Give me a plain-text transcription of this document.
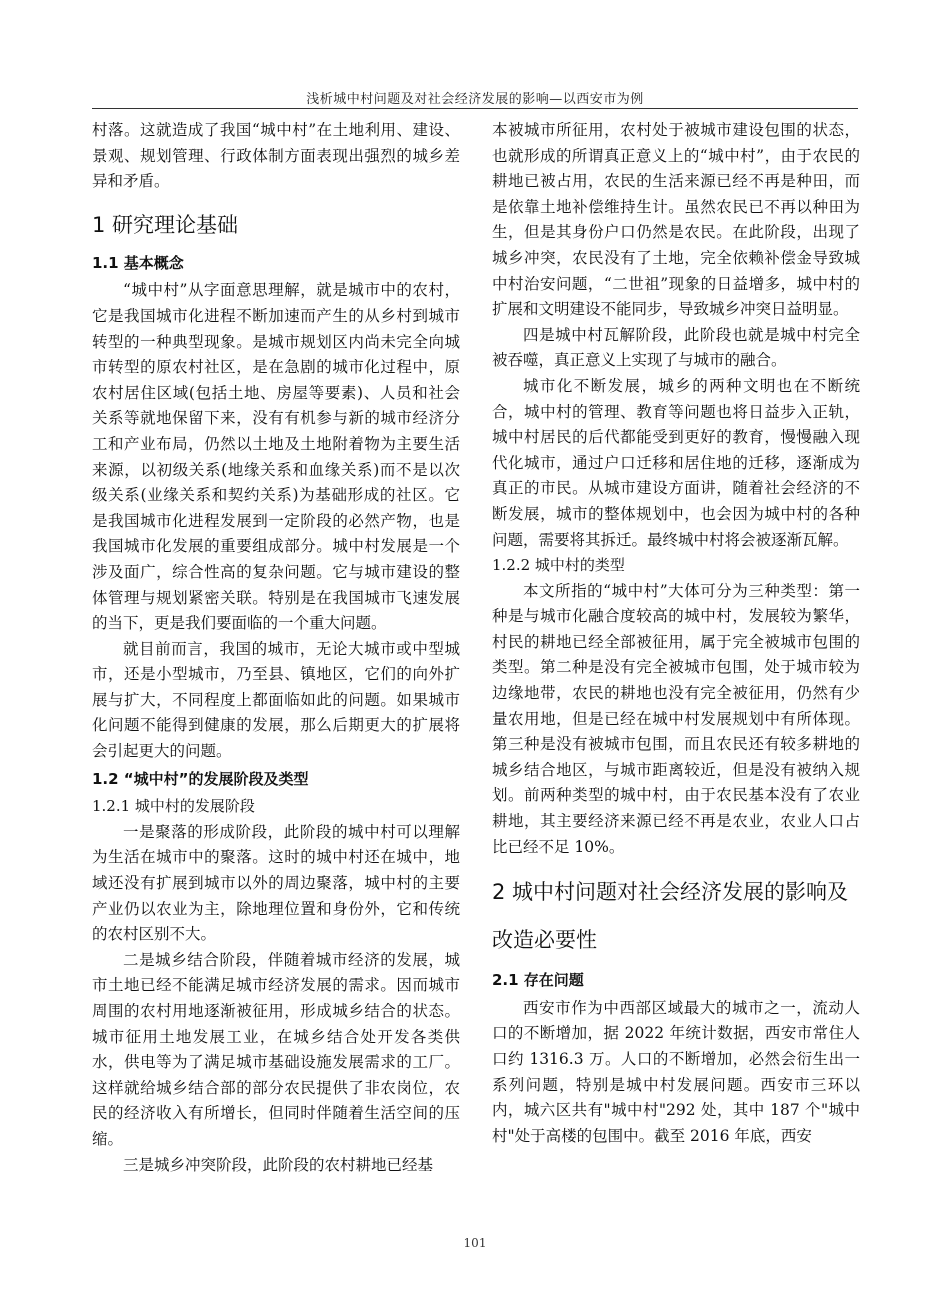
浅析城中村问题及对社会经济发展的影响—以西安市为例

村落。这就造成了我国“城中村”在土地利用、建设、景观、规划管理、行政体制方面表现出强烈的城乡差异和矛盾。

1 研究理论基础
1.1 基本概念

“城中村”从字面意思理解，就是城市中的农村，它是我国城市化进程不断加速而产生的从乡村到城市转型的一种典型现象。是城市规划区内尚未完全向城市转型的原农村社区，是在急剧的城市化过程中，原农村居住区域(包括土地、房屋等要素)、人员和社会关系等就地保留下来，没有有机参与新的城市经济分工和产业布局，仍然以土地及土地附着物为主要生活来源，以初级关系(地缘关系和血缘关系)而不是以次级关系(业缘关系和契约关系)为基础形成的社区。它是我国城市化进程发展到一定阶段的必然产物，也是我国城市化发展的重要组成部分。城中村发展是一个涉及面广，综合性高的复杂问题。它与城市建设的整体管理与规划紧密关联。特别是在我国城市飞速发展的当下，更是我们要面临的一个重大问题。

就目前而言，我国的城市，无论大城市或中型城市，还是小型城市，乃至县、镇地区，它们的向外扩展与扩大，不同程度上都面临如此的问题。如果城市化问题不能得到健康的发展，那么后期更大的扩展将会引起更大的问题。

1.2 “城中村”的发展阶段及类型
1.2.1 城中村的发展阶段

一是聚落的形成阶段，此阶段的城中村可以理解为生活在城市中的聚落。这时的城中村还在城中，地域还没有扩展到城市以外的周边聚落，城中村的主要产业仍以农业为主，除地理位置和身份外，它和传统的农村区别不大。

二是城乡结合阶段，伴随着城市经济的发展，城市土地已经不能满足城市经济发展的需求。因而城市周围的农村用地逐渐被征用，形成城乡结合的状态。城市征用土地发展工业，在城乡结合处开发各类供水，供电等为了满足城市基础设施发展需求的工厂。这样就给城乡结合部的部分农民提供了非农岗位，农民的经济收入有所增长，但同时伴随着生活空间的压缩。

三是城乡冲突阶段，此阶段的农村耕地已经基

本被城市所征用，农村处于被城市建设包围的状态，也就形成的所谓真正意义上的“城中村”，由于农民的耕地已被占用，农民的生活来源已经不再是种田，而是依靠土地补偿维持生计。虽然农民已不再以种田为生，但是其身份户口仍然是农民。在此阶段，出现了城乡冲突，农民没有了土地，完全依赖补偿金导致城中村治安问题，“二世祖”现象的日益增多，城中村的扩展和文明建设不能同步，导致城乡冲突日益明显。

四是城中村瓦解阶段，此阶段也就是城中村完全被吞噬，真正意义上实现了与城市的融合。

城市化不断发展，城乡的两种文明也在不断统合，城中村的管理、教育等问题也将日益步入正轨，城中村居民的后代都能受到更好的教育，慢慢融入现代化城市，通过户口迁移和居住地的迁移，逐渐成为真正的市民。从城市建设方面讲，随着社会经济的不断发展，城市的整体规划中，也会因为城中村的各种问题，需要将其拆迁。最终城中村将会被逐渐瓦解。

1.2.2 城中村的类型

本文所指的“城中村”大体可分为三种类型：第一种是与城市化融合度较高的城中村，发展较为繁华，村民的耕地已经全部被征用，属于完全被城市包围的类型。第二种是没有完全被城市包围，处于城市较为边缘地带，农民的耕地也没有完全被征用，仍然有少量农用地，但是已经在城中村发展规划中有所体现。第三种是没有被城市包围，而且农民还有较多耕地的城乡结合地区，与城市距离较近，但是没有被纳入规划。前两种类型的城中村，由于农民基本没有了农业耕地，其主要经济来源已经不再是农业，农业人口占比已经不足 10%。

2 城中村问题对社会经济发展的影响及改造必要性
2.1 存在问题

西安市作为中西部区域最大的城市之一，流动人口的不断增加，据 2022 年统计数据，西安市常住人口约 1316.3 万。人口的不断增加，必然会衍生出一系列问题，特别是城中村发展问题。西安市三环以内，城六区共有"城中村"292 处，其中 187 个"城中村"处于高楼的包围中。截至 2016 年底，西安

101
